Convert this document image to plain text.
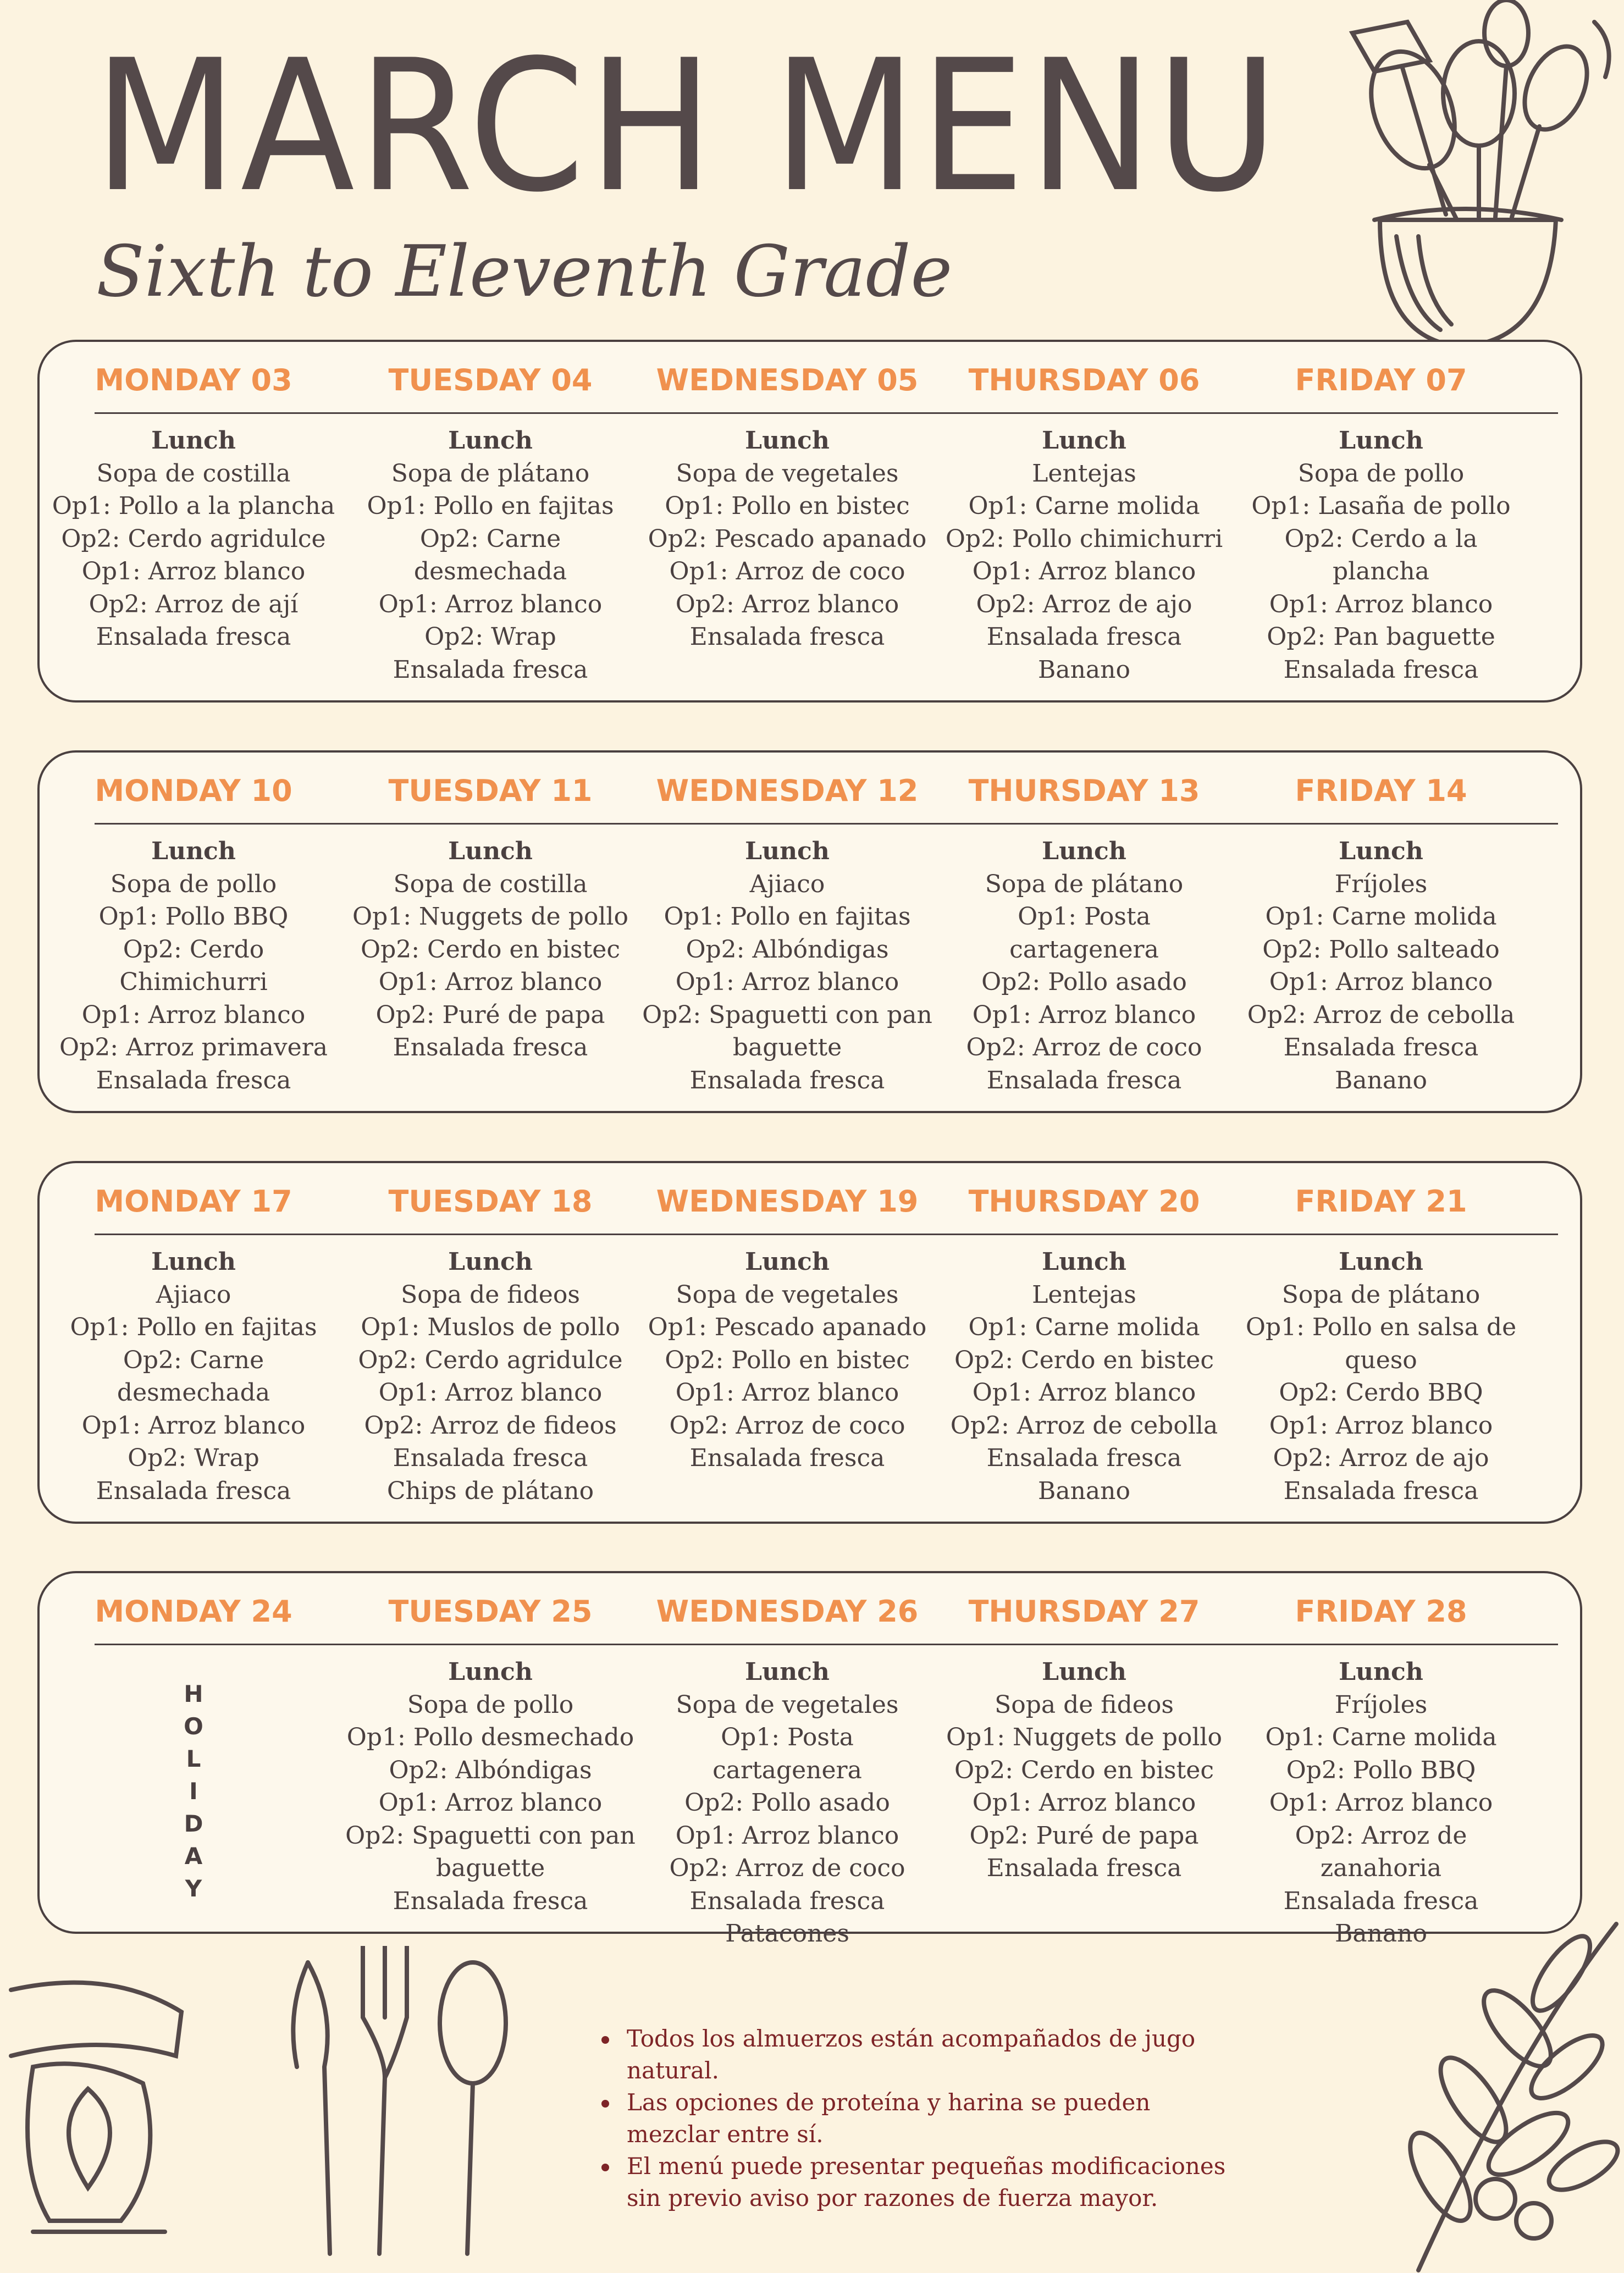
MARCH MENU
Sixth to Eleventh Grade
MONDAY 03
Lunch
Sopa de costilla
Op1: Pollo a la plancha
Op2: Cerdo agridulce
Op1: Arroz blanco
Op2: Arroz de ají
Ensalada fresca
TUESDAY 04
Lunch
Sopa de plátano
Op1: Pollo en fajitas
Op2: Carne
desmechada
Op1: Arroz blanco
Op2: Wrap
Ensalada fresca
WEDNESDAY 05
Lunch
Sopa de vegetales
Op1: Pollo en bistec
Op2: Pescado apanado
Op1: Arroz de coco
Op2: Arroz blanco
Ensalada fresca
THURSDAY 06
Lunch
Lentejas
Op1: Carne molida
Op2: Pollo chimichurri
Op1: Arroz blanco
Op2: Arroz de ajo
Ensalada fresca
Banano
FRIDAY 07
Lunch
Sopa de pollo
Op1: Lasaña de pollo
Op2: Cerdo a la
plancha
Op1: Arroz blanco
Op2: Pan baguette
Ensalada fresca
MONDAY 10
Lunch
Sopa de pollo
Op1: Pollo BBQ
Op2: Cerdo
Chimichurri
Op1: Arroz blanco
Op2: Arroz primavera
Ensalada fresca
TUESDAY 11
Lunch
Sopa de costilla
Op1: Nuggets de pollo
Op2: Cerdo en bistec
Op1: Arroz blanco
Op2: Puré de papa
Ensalada fresca
WEDNESDAY 12
Lunch
Ajiaco
Op1: Pollo en fajitas
Op2: Albóndigas
Op1: Arroz blanco
Op2: Spaguetti con pan
baguette
Ensalada fresca
THURSDAY 13
Lunch
Sopa de plátano
Op1: Posta
cartagenera
Op2: Pollo asado
Op1: Arroz blanco
Op2: Arroz de coco
Ensalada fresca
FRIDAY 14
Lunch
Fríjoles
Op1: Carne molida
Op2: Pollo salteado
Op1: Arroz blanco
Op2: Arroz de cebolla
Ensalada fresca
Banano
MONDAY 17
Lunch
Ajiaco
Op1: Pollo en fajitas
Op2: Carne
desmechada
Op1: Arroz blanco
Op2: Wrap
Ensalada fresca
TUESDAY 18
Lunch
Sopa de fideos
Op1: Muslos de pollo
Op2: Cerdo agridulce
Op1: Arroz blanco
Op2: Arroz de fideos
Ensalada fresca
Chips de plátano
WEDNESDAY 19
Lunch
Sopa de vegetales
Op1: Pescado apanado
Op2: Pollo en bistec
Op1: Arroz blanco
Op2: Arroz de coco
Ensalada fresca
THURSDAY 20
Lunch
Lentejas
Op1: Carne molida
Op2: Cerdo en bistec
Op1: Arroz blanco
Op2: Arroz de cebolla
Ensalada fresca
Banano
FRIDAY 21
Lunch
Sopa de plátano
Op1: Pollo en salsa de
queso
Op2: Cerdo BBQ
Op1: Arroz blanco
Op2: Arroz de ajo
Ensalada fresca
MONDAY 24
H
O
L
I
D
A
Y
TUESDAY 25
Lunch
Sopa de pollo
Op1: Pollo desmechado
Op2: Albóndigas
Op1: Arroz blanco
Op2: Spaguetti con pan
baguette
Ensalada fresca
WEDNESDAY 26
Lunch
Sopa de vegetales
Op1: Posta
cartagenera
Op2: Pollo asado
Op1: Arroz blanco
Op2: Arroz de coco
Ensalada fresca
Patacones
THURSDAY 27
Lunch
Sopa de fideos
Op1: Nuggets de pollo
Op2: Cerdo en bistec
Op1: Arroz blanco
Op2: Puré de papa
Ensalada fresca
FRIDAY 28
Lunch
Fríjoles
Op1: Carne molida
Op2: Pollo BBQ
Op1: Arroz blanco
Op2: Arroz de
zanahoria
Ensalada fresca
Banano
Todos los almuerzos están acompañados de jugo
natural.
Las opciones de proteína y harina se pueden
mezclar entre sí.
El menú puede presentar pequeñas modificaciones
sin previo aviso por razones de fuerza mayor.
